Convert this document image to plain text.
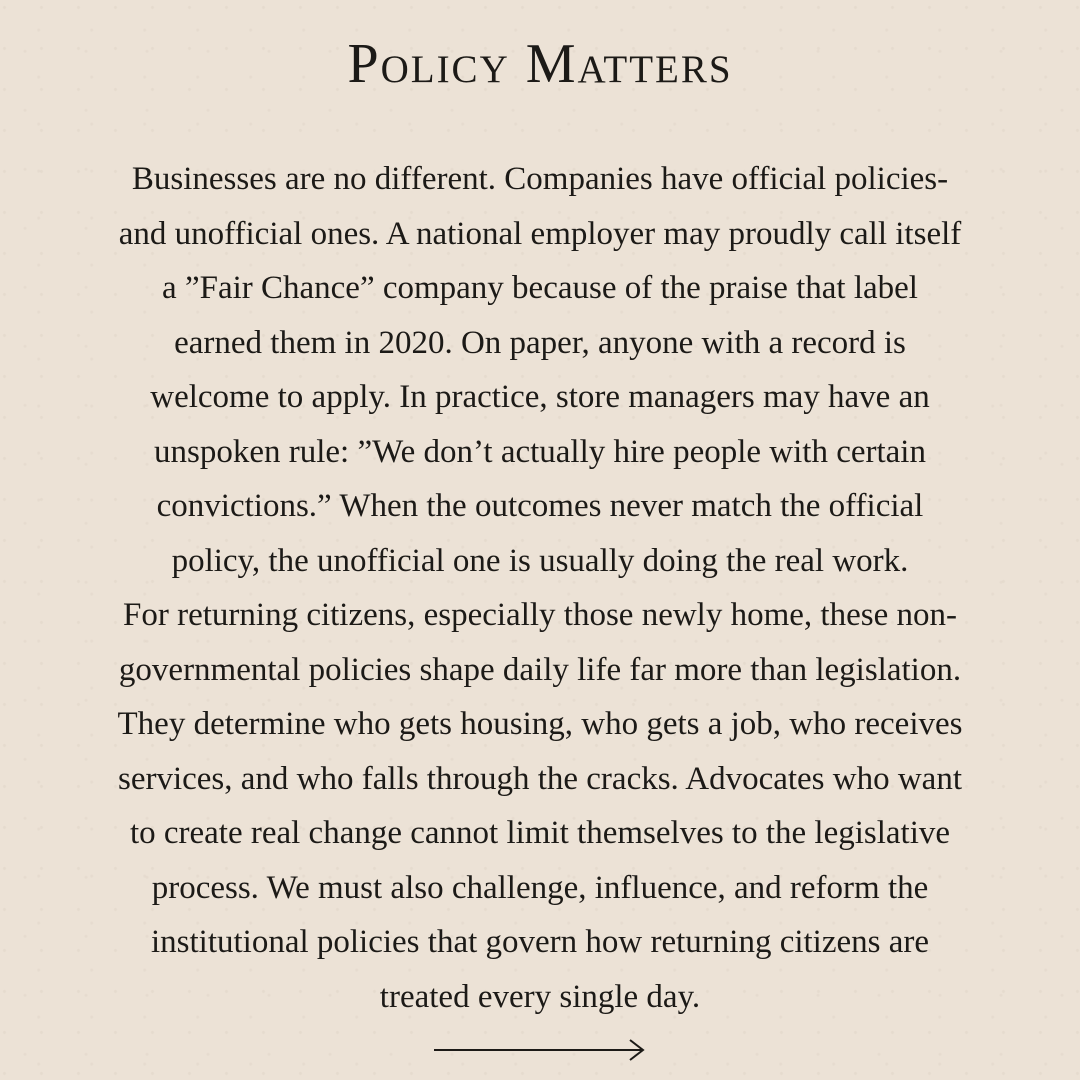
Policy Matters
Businesses are no different. Companies have official policies-
and unofficial ones. A national employer may proudly call itself
a ”Fair Chance” company because of the praise that label
earned them in 2020. On paper, anyone with a record is
welcome to apply. In practice, store managers may have an
unspoken rule: ”We don’t actually hire people with certain
convictions.” When the outcomes never match the official
policy, the unofficial one is usually doing the real work.
For returning citizens, especially those newly home, these non-
governmental policies shape daily life far more than legislation.
They determine who gets housing, who gets a job, who receives
services, and who falls through the cracks. Advocates who want
to create real change cannot limit themselves to the legislative
process. We must also challenge, influence, and reform the
institutional policies that govern how returning citizens are
treated every single day.
